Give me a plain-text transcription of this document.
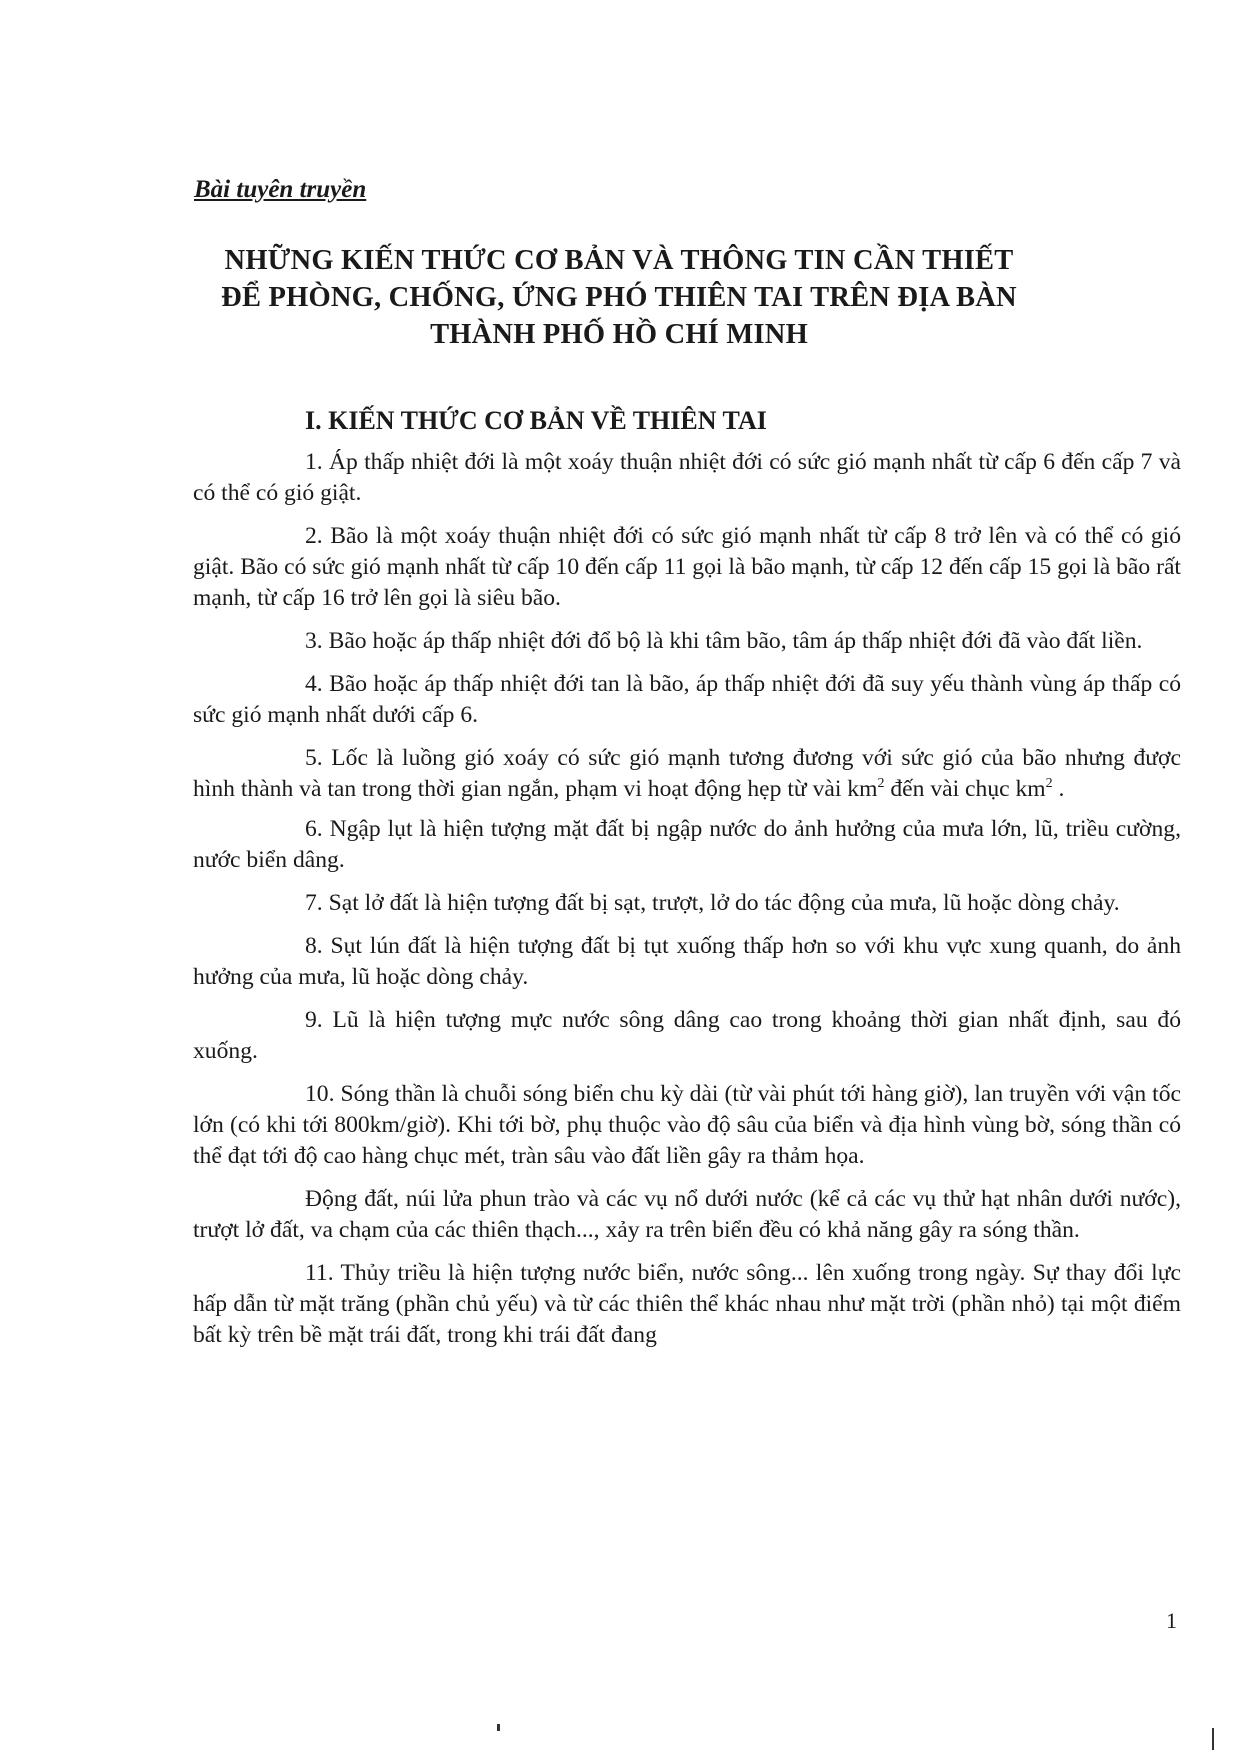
Bài tuyên truyền
NHỮNG KIẾN THỨC CƠ BẢN VÀ THÔNG TIN CẦN THIẾT
ĐỂ PHÒNG, CHỐNG, ỨNG PHÓ THIÊN TAI TRÊN ĐỊA BÀN
THÀNH PHỐ HỒ CHÍ MINH
I. KIẾN THỨC CƠ BẢN VỀ THIÊN TAI

1. Áp thấp nhiệt đới là một xoáy thuận nhiệt đới có sức gió mạnh nhất từ cấp 6 đến cấp 7 và có thể có gió giật.

2. Bão là một xoáy thuận nhiệt đới có sức gió mạnh nhất từ cấp 8 trở lên và có thể có gió giật. Bão có sức gió mạnh nhất từ cấp 10 đến cấp 11 gọi là bão mạnh, từ cấp 12 đến cấp 15 gọi là bão rất mạnh, từ cấp 16 trở lên gọi là siêu bão.

3. Bão hoặc áp thấp nhiệt đới đổ bộ là khi tâm bão, tâm áp thấp nhiệt đới đã vào đất liền.

4. Bão hoặc áp thấp nhiệt đới tan là bão, áp thấp nhiệt đới đã suy yếu thành vùng áp thấp có sức gió mạnh nhất dưới cấp 6.

5. Lốc là luồng gió xoáy có sức gió mạnh tương đương với sức gió của bão nhưng được hình thành và tan trong thời gian ngắn, phạm vi hoạt động hẹp từ vài $km^2$ đến vài chục $km^2$ .

6. Ngập lụt là hiện tượng mặt đất bị ngập nước do ảnh hưởng của mưa lớn, lũ, triều cường, nước biển dâng.

7. Sạt lở đất là hiện tượng đất bị sạt, trượt, lở do tác động của mưa, lũ hoặc dòng chảy.

8. Sụt lún đất là hiện tượng đất bị tụt xuống thấp hơn so với khu vực xung quanh, do ảnh hưởng của mưa, lũ hoặc dòng chảy.

9. Lũ là hiện tượng mực nước sông dâng cao trong khoảng thời gian nhất định, sau đó xuống.

10. Sóng thần là chuỗi sóng biển chu kỳ dài (từ vài phút tới hàng giờ), lan truyền với vận tốc lớn (có khi tới 800km/giờ). Khi tới bờ, phụ thuộc vào độ sâu của biển và địa hình vùng bờ, sóng thần có thể đạt tới độ cao hàng chục mét, tràn sâu vào đất liền gây ra thảm họa.

Động đất, núi lửa phun trào và các vụ nổ dưới nước (kể cả các vụ thử hạt nhân dưới nước), trượt lở đất, va chạm của các thiên thạch..., xảy ra trên biển đều có khả năng gây ra sóng thần.

11. Thủy triều là hiện tượng nước biển, nước sông... lên xuống trong ngày. Sự thay đổi lực hấp dẫn từ mặt trăng (phần chủ yếu) và từ các thiên thể khác nhau như mặt trời (phần nhỏ) tại một điểm bất kỳ trên bề mặt trái đất, trong khi trái đất đang

1
